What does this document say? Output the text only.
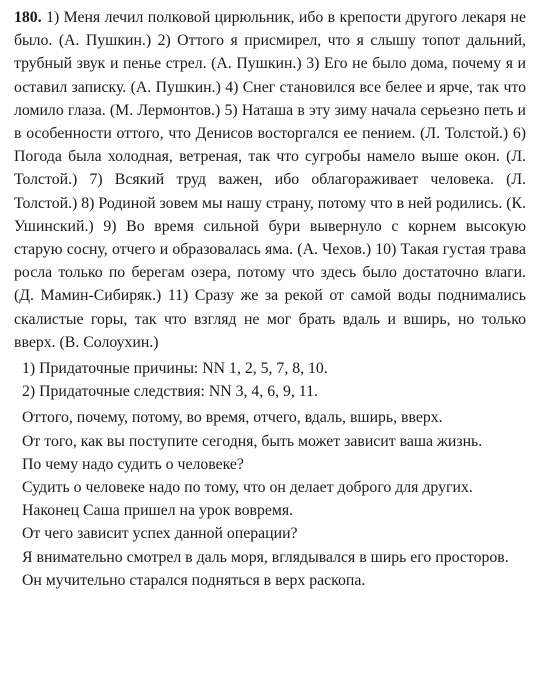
180. 1) Меня лечил полковой цирюльник, ибо в крепости другого лекаря не было. (А. Пушкин.) 2) Оттого я присмирел, что я слышу топот дальний, трубный звук и пенье стрел. (А. Пушкин.) 3) Его не было дома, почему я и оставил записку. (А. Пушкин.) 4) Снег становился все белее и ярче, так что ломило глаза. (М. Лермонтов.) 5) Наташа в эту зиму начала серьезно петь и в особенности оттого, что Денисов восторгался ее пением. (Л. Толстой.) 6) Погода была холодная, ветреная, так что сугробы намело выше окон. (Л. Толстой.) 7) Всякий труд важен, ибо облагораживает человека. (Л. Толстой.) 8) Родиной зовем мы нашу страну, потому что в ней родились. (К. Ушинский.) 9) Во время сильной бури вывернуло с корнем высокую старую сосну, отчего и образовалась яма. (А. Чехов.) 10) Такая густая трава росла только по берегам озера, потому что здесь было достаточно влаги. (Д. Мамин-Сибиряк.) 11) Сразу же за рекой от самой воды поднимались скалистые горы, так что взгляд не мог брать вдаль и вширь, но только вверх. (В. Солоухин.)

1) Придаточные причины: NN 1, 2, 5, 7, 8, 10.

2) Придаточные следствия: NN 3, 4, 6, 9, 11.

Оттого, почему, потому, во время, отчего, вдаль, вширь, вверх.

От того, как вы поступите сегодня, быть может зависит ваша жизнь.

По чему надо судить о человеке?

Судить о человеке надо по тому, что он делает доброго для других.

Наконец Саша пришел на урок вовремя.

От чего зависит успех данной операции?

Я внимательно смотрел в даль моря, вглядывался в ширь его просторов.

Он мучительно старался подняться в верх раскопа.
